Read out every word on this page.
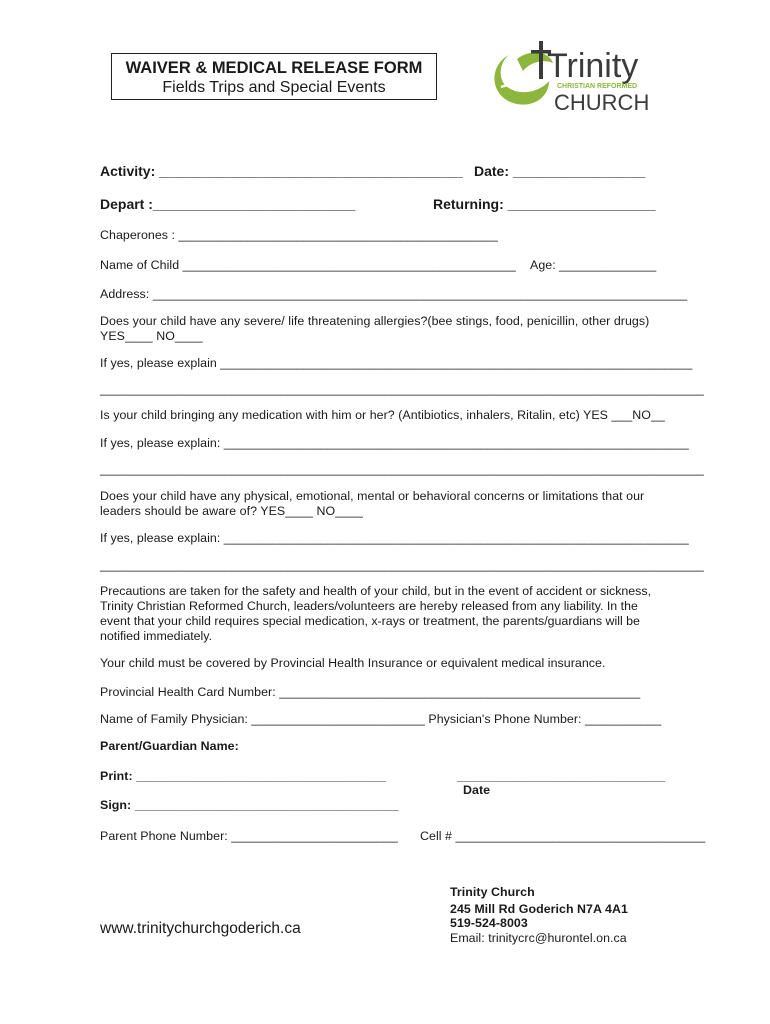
WAIVER & MEDICAL RELEASE FORM
Fields Trips and Special Events
Trinity
CHRISTIAN REFORMED
CHURCH
Activity: _______________________________________ Date: _________________
Depart :__________________________	Returning: ___________________
Chaperones : ______________________________________________
Name of Child ________________________________________________ Age: ______________
Address: _____________________________________________________________________________
Does your child have any severe/ life threatening allergies?(bee stings, food, penicillin, other drugs)
YES____ NO____
If yes, please explain ____________________________________________________________________
_______________________________________________________________________________________
Is your child bringing any medication with him or her? (Antibiotics, inhalers, Ritalin, etc) YES ___NO__
If yes, please explain: ___________________________________________________________________
_______________________________________________________________________________________
Does your child have any physical, emotional, mental or behavioral concerns or limitations that our
leaders should be aware of? YES____ NO____
If yes, please explain: ___________________________________________________________________
_______________________________________________________________________________________
Precautions are taken for the safety and health of your child, but in the event of accident or sickness,
Trinity Christian Reformed Church, leaders/volunteers are hereby released from any liability. In the
event that your child requires special medication, x-rays or treatment, the parents/guardians will be
notified immediately.
Your child must be covered by Provincial Health Insurance or equivalent medical insurance.
Provincial Health Card Number: ____________________________________________________
Name of Family Physician: _________________________ Physician's Phone Number: ___________
Parent/Guardian Name:
Print: ____________________________________	______________________________
Date
Sign: ______________________________________
Parent Phone Number: ________________________ Cell # ____________________________________
www.trinitychurchgoderich.ca
Trinity Church
245 Mill Rd Goderich N7A 4A1
519-524-8003
Email: trinitycrc@hurontel.on.ca
